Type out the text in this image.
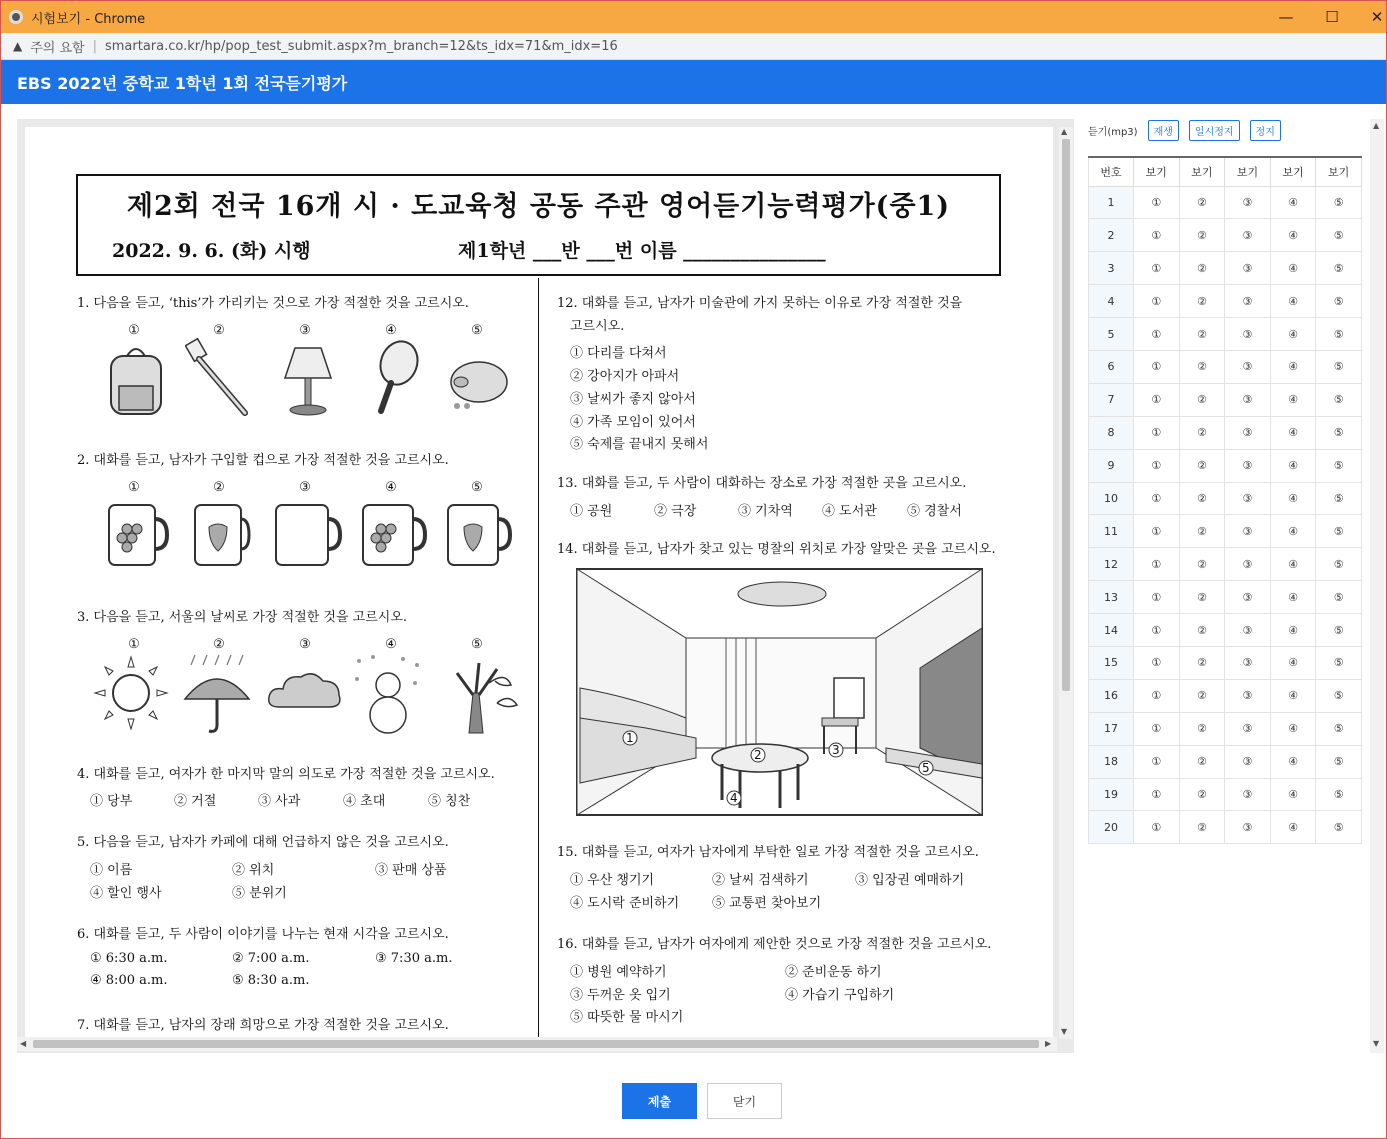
시험보기 - Chrome	—	☐	✕
▲ 주의 요함 | smartara.co.kr/hp/pop_test_submit.aspx?m_branch=12&ts_idx=71&m_idx=16
EBS 2022년 중학교 1학년 1회 전국듣기평가
제2회 전국 16개 시 · 도교육청 공동 주관 영어듣기능력평가(중1)
2022. 9. 6. (화) 시행	제1학년 ___반 ___번 이름 _______________
1. 다음을 듣고, ‘this’가 가리키는 것으로 가장 적절한 것을 고르시오.
①	②	③	④	⑤
2. 대화를 듣고, 남자가 구입할 컵으로 가장 적절한 것을 고르시오.
①	②	③	④	⑤
3. 다음을 듣고, 서울의 날씨로 가장 적절한 것을 고르시오.
①	②	③	④	⑤
4. 대화를 듣고, 여자가 한 마지막 말의 의도로 가장 적절한 것을 고르시오.
① 당부	② 거절	③ 사과	④ 초대	⑤ 칭찬
5. 다음을 듣고, 남자가 카페에 대해 언급하지 않은 것을 고르시오.
① 이름	② 위치	③ 판매 상품
④ 할인 행사	⑤ 분위기
6. 대화를 듣고, 두 사람이 이야기를 나누는 현재 시각을 고르시오.
① 6:30 a.m.	② 7:00 a.m.	③ 7:30 a.m.
④ 8:00 a.m.	⑤ 8:30 a.m.
7. 대화를 듣고, 남자의 장래 희망으로 가장 적절한 것을 고르시오.
12. 대화를 듣고, 남자가 미술관에 가지 못하는 이유로 가장 적절한 것을
고르시오.
① 다리를 다쳐서
② 강아지가 아파서
③ 날씨가 좋지 않아서
④ 가족 모임이 있어서
⑤ 숙제를 끝내지 못해서
13. 대화를 듣고, 두 사람이 대화하는 장소로 가장 적절한 곳을 고르시오.
① 공원	② 극장	③ 기차역 ④ 도서관 ⑤ 경찰서
14. 대화를 듣고, 남자가 찾고 있는 명찰의 위치로 가장 알맞은 곳을 고르시오.
1
2	3
4
5
15. 대화를 듣고, 여자가 남자에게 부탁한 일로 가장 적절한 것을 고르시오.
① 우산 챙기기	② 날씨 검색하기	③ 입장권 예매하기
④ 도시락 준비하기	⑤ 교통편 찾아보기
16. 대화를 듣고, 남자가 여자에게 제안한 것으로 가장 적절한 것을 고르시오.
① 병원 예약하기	② 준비운동 하기
③ 두꺼운 옷 입기	④ 가습기 구입하기
⑤ 따뜻한 물 마시기
▲
▼
◀	▶
듣기(mp3)	재생	일시정지	정지
번호	보기	보기	보기	보기	보기
1	①	②	③	④	⑤
2	①	②	③	④	⑤
3	①	②	③	④	⑤
4	①	②	③	④	⑤
5	①	②	③	④	⑤
6	①	②	③	④	⑤
7	①	②	③	④	⑤
8	①	②	③	④	⑤
9	①	②	③	④	⑤
10	①	②	③	④	⑤
11	①	②	③	④	⑤
12	①	②	③	④	⑤
13	①	②	③	④	⑤
14	①	②	③	④	⑤
15	①	②	③	④	⑤
16	①	②	③	④	⑤
17	①	②	③	④	⑤
18	①	②	③	④	⑤
19	①	②	③	④	⑤
20	①	②	③	④	⑤
▲
▼
제출	닫기
